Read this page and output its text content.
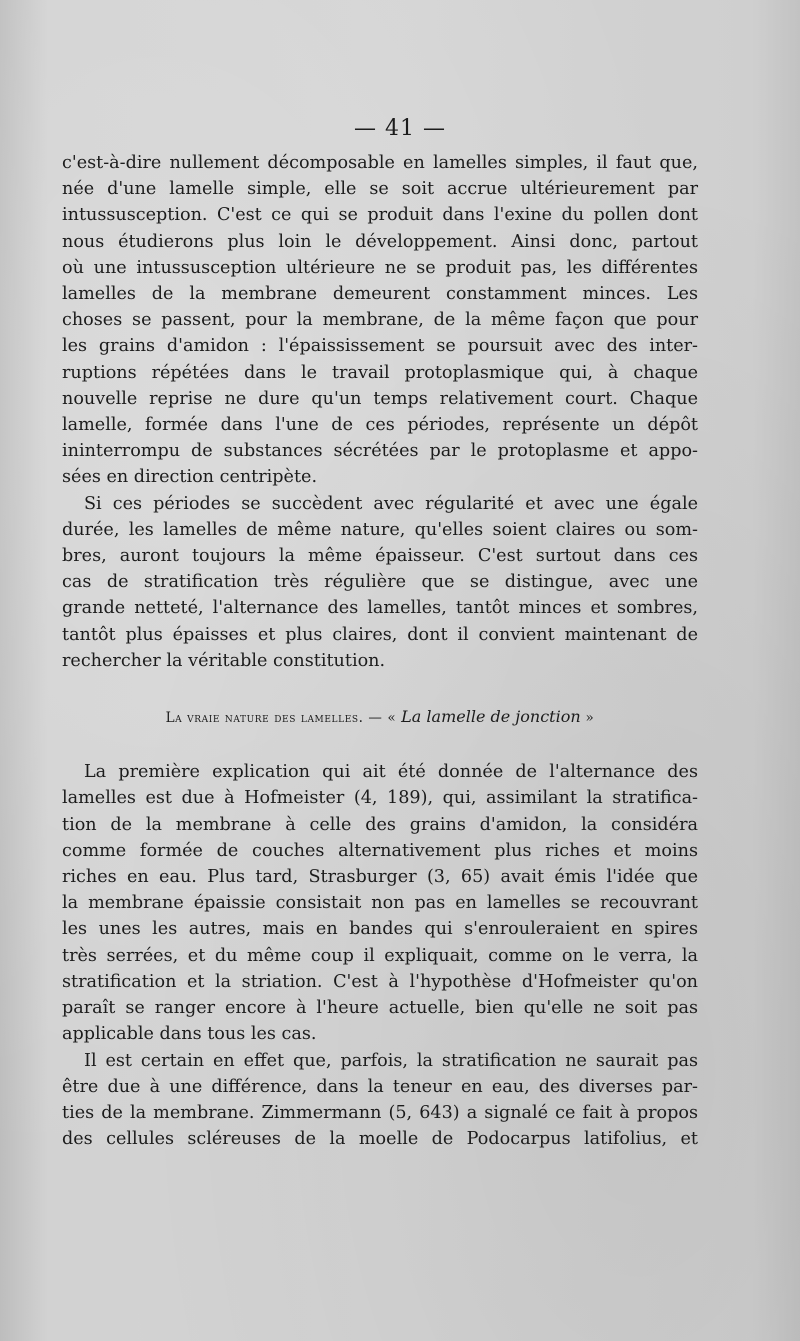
— 41 —
c'est-à-dire nullement décomposable en lamelles simples, il faut que,
née d'une lamelle simple, elle se soit accrue ultérieurement par
intussusception. C'est ce qui se produit dans l'exine du pollen dont
nous étudierons plus loin le développement. Ainsi donc, partout
où une intussusception ultérieure ne se produit pas, les différentes
lamelles de la membrane demeurent constamment minces. Les
choses se passent, pour la membrane, de la même façon que pour
les grains d'amidon : l'épaississement se poursuit avec des inter-
ruptions répétées dans le travail protoplasmique qui, à chaque
nouvelle reprise ne dure qu'un temps relativement court. Chaque
lamelle, formée dans l'une de ces périodes, représente un dépôt
ininterrompu de substances sécrétées par le protoplasme et appo-
sées en direction centripète.
Si ces périodes se succèdent avec régularité et avec une égale
durée, les lamelles de même nature, qu'elles soient claires ou som-
bres, auront toujours la même épaisseur. C'est surtout dans ces
cas de stratification très régulière que se distingue, avec une
grande netteté, l'alternance des lamelles, tantôt minces et sombres,
tantôt plus épaisses et plus claires, dont il convient maintenant de
rechercher la véritable constitution.
La vraie nature des lamelles. — « La lamelle de jonction »
La première explication qui ait été donnée de l'alternance des
lamelles est due à Hofmeister (4, 189), qui, assimilant la stratifica-
tion de la membrane à celle des grains d'amidon, la considéra
comme formée de couches alternativement plus riches et moins
riches en eau. Plus tard, Strasburger (3, 65) avait émis l'idée que
la membrane épaissie consistait non pas en lamelles se recouvrant
les unes les autres, mais en bandes qui s'enrouleraient en spires
très serrées, et du même coup il expliquait, comme on le verra, la
stratification et la striation. C'est à l'hypothèse d'Hofmeister qu'on
paraît se ranger encore à l'heure actuelle, bien qu'elle ne soit pas
applicable dans tous les cas.
Il est certain en effet que, parfois, la stratification ne saurait pas
être due à une différence, dans la teneur en eau, des diverses par-
ties de la membrane. Zimmermann (5, 643) a signalé ce fait à propos
des cellules scléreuses de la moelle de Podocarpus latifolius, et
